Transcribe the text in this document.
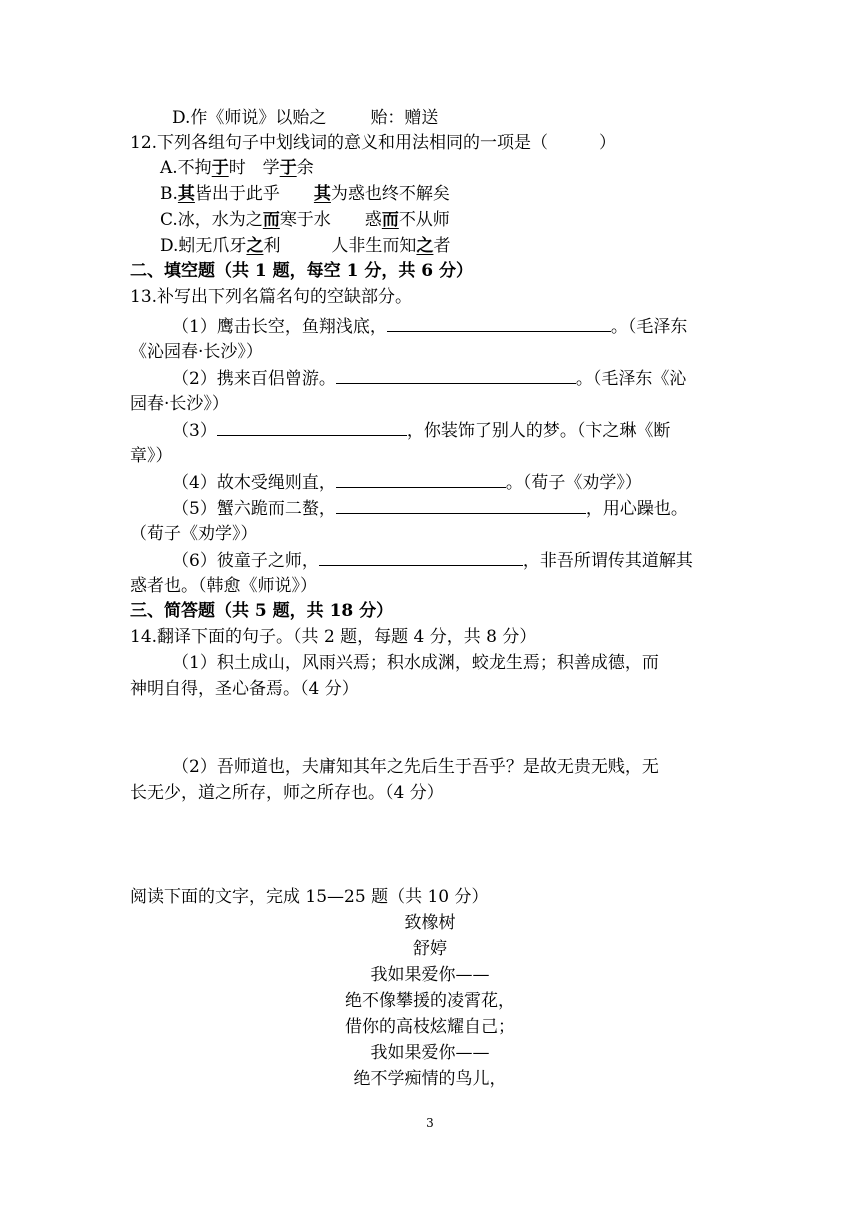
D.作《师说》以贻之	贻：赠送
12.下列各组句子中划线词的意义和用法相同的一项是（　　　）
A.不拘于时　学于余
B.其皆出于此乎　　其为惑也终不解矣
C.冰，水为之而寒于水　　惑而不从师
D.蚓无爪牙之利　　　人非生而知之者
二、填空题（共 1 题，每空 1 分，共 6 分）
13.补写出下列名篇名句的空缺部分。
（1）鹰击长空，鱼翔浅底，	。（毛泽东
《沁园春·长沙》）
（2）携来百侣曾游。	。（毛泽东《沁
园春·长沙》）
（3）	，你装饰了别人的梦。（卞之琳《断
章》）
（4）故木受绳则直，	。（荀子《劝学》）
（5）蟹六跪而二螯，	，用心躁也。
（荀子《劝学》）
（6）彼童子之师，	，非吾所谓传其道解其
惑者也。（韩愈《师说》）
三、简答题（共 5 题，共 18 分）
14.翻译下面的句子。（共 2 题，每题 4 分，共 8 分）
（1）积土成山，风雨兴焉；积水成渊，蛟龙生焉；积善成德，而
神明自得，圣心备焉。（4 分）
（2）吾师道也，夫庸知其年之先后生于吾乎？是故无贵无贱，无
长无少，道之所存，师之所存也。（4 分）
阅读下面的文字，完成 15—25 题（共 10 分）
致橡树
舒婷
我如果爱你——
绝不像攀援的凌霄花，
借你的高枝炫耀自己；
我如果爱你——
绝不学痴情的鸟儿，
3
